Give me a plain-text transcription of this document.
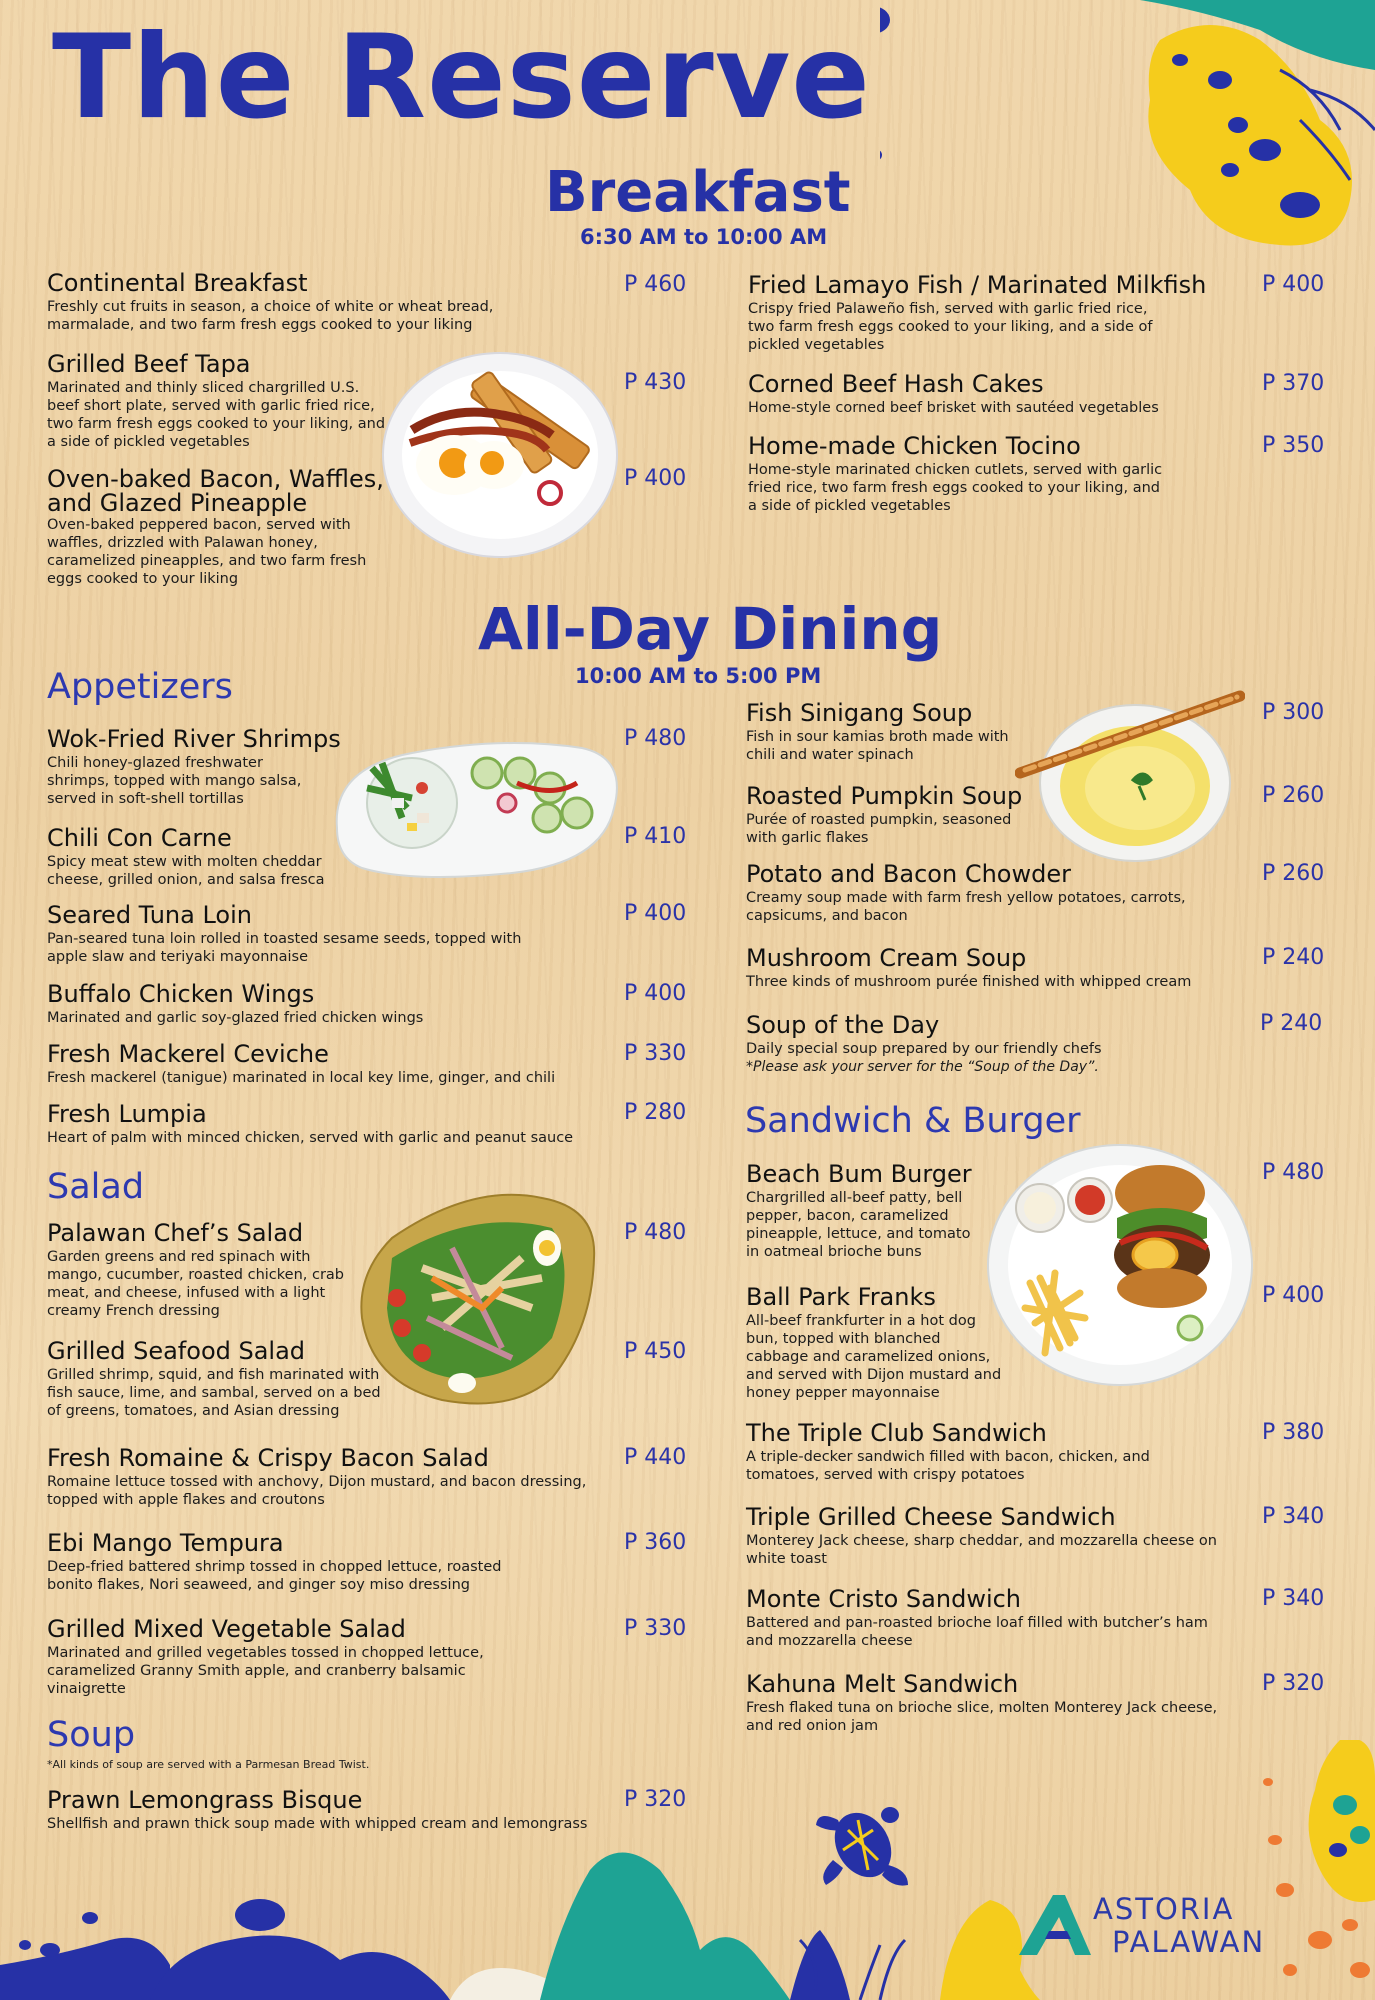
The Reserve
Breakfast
6:30 AM to 10:00 AM
Continental Breakfast
Freshly cut fruits in season, a choice of white or wheat bread, marmalade, and two farm fresh eggs cooked to your liking
P 460
Grilled Beef Tapa
Marinated and thinly sliced chargrilled U.S. beef short plate, served with garlic fried rice, two farm fresh eggs cooked to your liking, and a side of pickled vegetables
P 430
Oven-baked Bacon, Waffles, and Glazed Pineapple
Oven-baked peppered bacon, served with waffles, drizzled with Palawan honey, caramelized pineapples, and two farm fresh eggs cooked to your liking
P 400
Fried Lamayo Fish / Marinated Milkfish
Crispy fried Palaweño fish, served with garlic fried rice, two farm fresh eggs cooked to your liking, and a side of pickled vegetables
P 400
Corned Beef Hash Cakes
Home-style corned beef brisket with sautéed vegetables
P 370
Home-made Chicken Tocino
Home-style marinated chicken cutlets, served with garlic fried rice, two farm fresh eggs cooked to your liking, and a side of pickled vegetables
P 350
All-Day Dining
10:00 AM to 5:00 PM
Appetizers
Wok-Fried River Shrimps
Chili honey-glazed freshwater shrimps, topped with mango salsa, served in soft-shell tortillas
P 480
Chili Con Carne
Spicy meat stew with molten cheddar cheese, grilled onion, and salsa fresca
P 410
Seared Tuna Loin
Pan-seared tuna loin rolled in toasted sesame seeds, topped with apple slaw and teriyaki mayonnaise
P 400
Buffalo Chicken Wings
Marinated and garlic soy-glazed fried chicken wings
P 400
Fresh Mackerel Ceviche
Fresh mackerel (tanigue) marinated in local key lime, ginger, and chili
P 330
Fresh Lumpia
Heart of palm with minced chicken, served with garlic and peanut sauce
P 280
Salad
Palawan Chef’s Salad
Garden greens and red spinach with mango, cucumber, roasted chicken, crab meat, and cheese, infused with a light creamy French dressing
P 480
Grilled Seafood Salad
Grilled shrimp, squid, and fish marinated with fish sauce, lime, and sambal, served on a bed of greens, tomatoes, and Asian dressing
P 450
Fresh Romaine & Crispy Bacon Salad
Romaine lettuce tossed with anchovy, Dijon mustard, and bacon dressing, topped with apple flakes and croutons
P 440
Ebi Mango Tempura
Deep-fried battered shrimp tossed in chopped lettuce, roasted bonito flakes, Nori seaweed, and ginger soy miso dressing
P 360
Grilled Mixed Vegetable Salad
Marinated and grilled vegetables tossed in chopped lettuce, caramelized Granny Smith apple, and cranberry balsamic vinaigrette
P 330
Soup
*All kinds of soup are served with a Parmesan Bread Twist.
Prawn Lemongrass Bisque
Shellfish and prawn thick soup made with whipped cream and lemongrass
P 320
Fish Sinigang Soup
Fish in sour kamias broth made with chili and water spinach
P 300
Roasted Pumpkin Soup
Purée of roasted pumpkin, seasoned with garlic flakes
P 260
Potato and Bacon Chowder
Creamy soup made with farm fresh yellow potatoes, carrots, capsicums, and bacon
P 260
Mushroom Cream Soup
Three kinds of mushroom purée finished with whipped cream
P 240
Soup of the Day
Daily special soup prepared by our friendly chefs
*Please ask your server for the “Soup of the Day”.
P 240
Sandwich & Burger
Beach Bum Burger
Chargrilled all-beef patty, bell pepper, bacon, caramelized pineapple, lettuce, and tomato in oatmeal brioche buns
P 480
Ball Park Franks
All-beef frankfurter in a hot dog bun, topped with blanched cabbage and caramelized onions, and served with Dijon mustard and honey pepper mayonnaise
P 400
The Triple Club Sandwich
A triple-decker sandwich filled with bacon, chicken, and tomatoes, served with crispy potatoes
P 380
Triple Grilled Cheese Sandwich
Monterey Jack cheese, sharp cheddar, and mozzarella cheese on white toast
P 340
Monte Cristo Sandwich
Battered and pan-roasted brioche loaf filled with butcher’s ham and mozzarella cheese
P 340
Kahuna Melt Sandwich
Fresh flaked tuna on brioche slice, molten Monterey Jack cheese, and red onion jam
P 320
ASTORIA
PALAWAN
